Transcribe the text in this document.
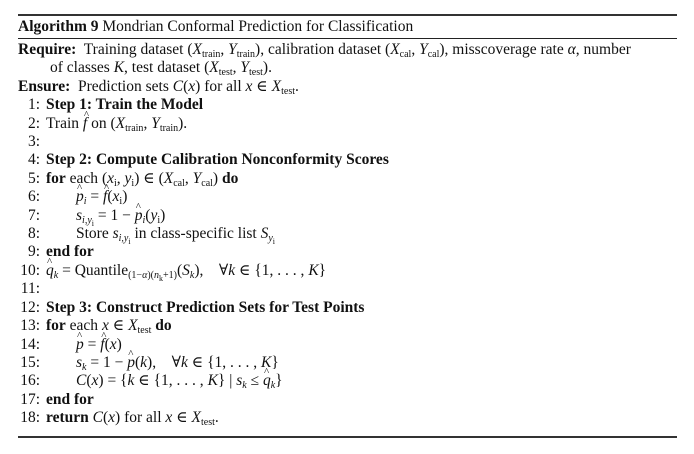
Algorithm 9 Mondrian Conformal Prediction for Classification
Require: Training dataset ($X_{train}$, $Y_{train}$), calibration dataset ($X_{cal}$, $Y_{cal}$), misscoverage rate α, number
of classes K, test dataset ($X_{test}$, $Y_{test}$).
Ensure: Prediction sets C(x) for all x ∈ $X_{test}$.
1: Step 1: Train the Model
2: Train ^ f on ($X_{train}$, $Y_{train}$).
3:
4: Step 2: Compute Calibration Nonconformity Scores
5: for each ($x_i$, $y_i$) ∈ ($X_{cal}$, $Y_{cal}$) do
6: ^ $p_i$ = ^ $f(x_i)$
7: $s_{i,y_i} = 1$ − ^ $p_i(y_i)$
8: Store $s_{i,y_i}$ in class-specific list $S_{y_i}$
9: end for
10: ^ $q_k$ = $Quantile_{(1-\alpha)(n_k+1)}(S_k)$,    ∀k ∈ {1, . . . , K}
11:
12: Step 3: Construct Prediction Sets for Test Points
13: for each x ∈ $X_{test}$ do
14: ^ p = ^ f(x)
15: $s_k = 1$ − ^ p(k),    ∀k ∈ {1, . . . , K}
16: C(x) = {k ∈ {1, . . . , K} | $s_k$ ≤ ^ $q_k$}
17: end for
18: return C(x) for all x ∈ $X_{test}$.
